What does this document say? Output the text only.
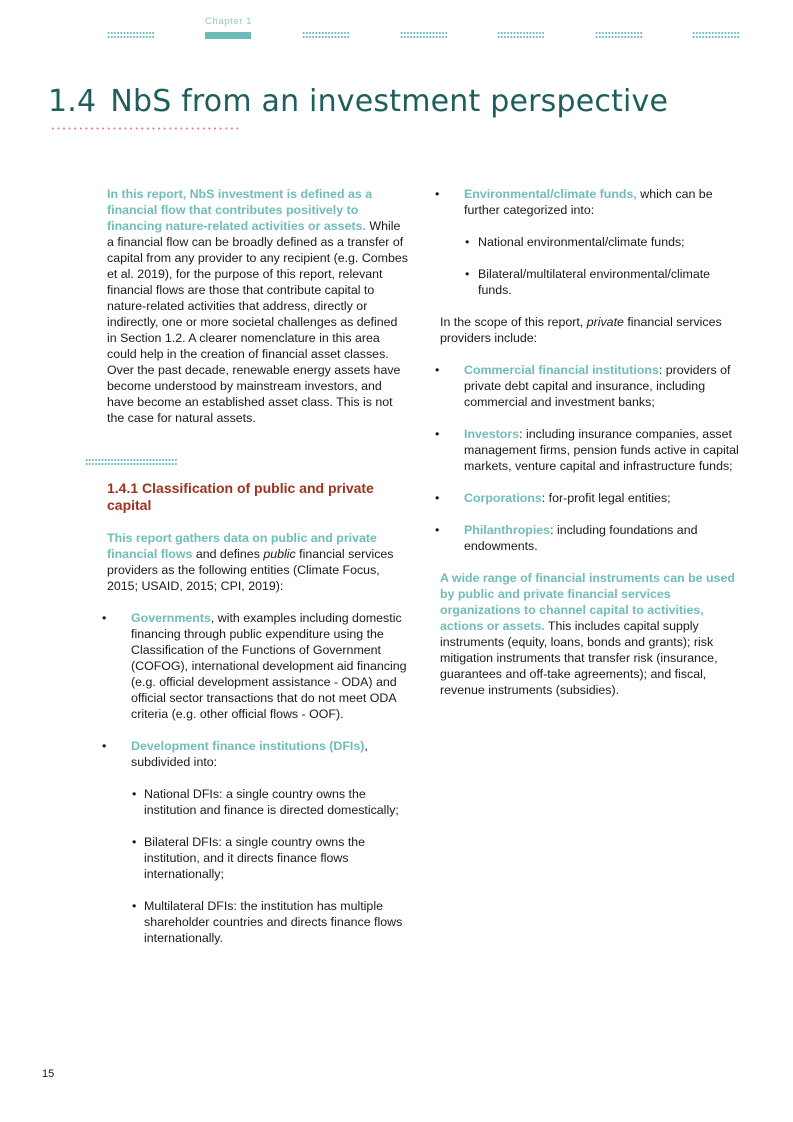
Chapter 1
1.4 NbS from an investment perspective

In this report, NbS investment is defined as a financial flow that contributes positively to financing nature-related activities or assets. While a financial flow can be broadly defined as a transfer of capital from any provider to any recipient (e.g. Combes et al. 2019), for the purpose of this report, relevant financial flows are those that contribute capital to nature-related activities that address, directly or indirectly, one or more societal challenges as defined in Section 1.2. A clearer nomenclature in this area could help in the creation of financial asset classes. Over the past decade, renewable energy assets have become understood by mainstream investors, and have become an established asset class. This is not the case for natural assets.

1.4.1 Classification of public and private capital

This report gathers data on public and private financial flows and defines public financial services providers as the following entities (Climate Focus, 2015; USAID, 2015; CPI, 2019):

• Governments, with examples including domestic financing through public expenditure using the Classification of the Functions of Government (COFOG), international development aid financing (e.g. official development assistance - ODA) and official sector transactions that do not meet ODA criteria (e.g. other official flows - OOF).

• Development finance institutions (DFIs), subdivided into:

• National DFIs: a single country owns the institution and finance is directed domestically;

• Bilateral DFIs: a single country owns the institution, and it directs finance flows internationally;

• Multilateral DFIs: the institution has multiple shareholder countries and directs finance flows internationally.

• Environmental/climate funds, which can be further categorized into:

• National environmental/climate funds;

• Bilateral/multilateral environmental/climate funds.

In the scope of this report, private financial services providers include:

• Commercial financial institutions: providers of private debt capital and insurance, including commercial and investment banks;

• Investors: including insurance companies, asset management firms, pension funds active in capital markets, venture capital and infrastructure funds;

• Corporations: for-profit legal entities;

• Philanthropies: including foundations and endowments.

A wide range of financial instruments can be used by public and private financial services organizations to channel capital to activities, actions or assets. This includes capital supply instruments (equity, loans, bonds and grants); risk mitigation instruments that transfer risk (insurance, guarantees and off-take agreements); and fiscal, revenue instruments (subsidies).

15
